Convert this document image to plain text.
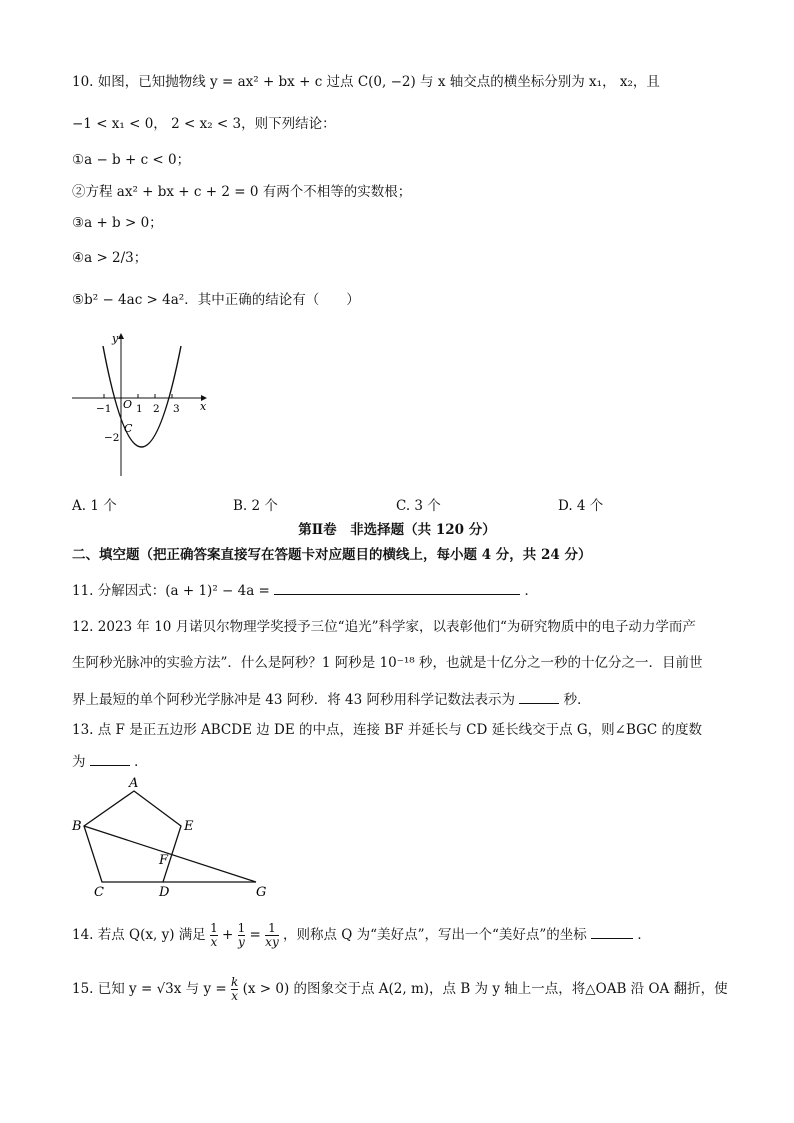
10. 如图，已知抛物线 y = ax² + bx + c 过点 C(0, −2) 与 x 轴交点的横坐标分别为 x₁， x₂，且
−1 < x₁ < 0， 2 < x₂ < 3，则下列结论：
①a − b + c < 0；
②方程 ax² + bx + c + 2 = 0 有两个不相等的实数根；
③a + b > 0；
④a > 2/3；
⑤b² − 4ac > 4a²．其中正确的结论有（　　）
y
x
O
−1 1 2 3
−2
C
A. 1 个	B. 2 个	C. 3 个	D. 4 个
第Ⅱ卷　非选择题（共 120 分）
二、填空题（把正确答案直接写在答题卡对应题目的横线上，每小题 4 分，共 24 分）
11. 分解因式：(a + 1)² − 4a =	．
12. 2023 年 10 月诺贝尔物理学奖授予三位“追光”科学家，以表彰他们“为研究物质中的电子动力学而产
生阿秒光脉冲的实验方法”．什么是阿秒？1 阿秒是 10⁻¹⁸ 秒，也就是十亿分之一秒的十亿分之一．目前世
界上最短的单个阿秒光学脉冲是 43 阿秒．将 43 阿秒用科学记数法表示为	秒．
13. 点 F 是正五边形 ABCDE 边 DE 的中点，连接 BF 并延长与 CD 延长线交于点 G，则∠BGC 的度数
为	．
A
B
C	D
E
F
G
14. 若点 Q(x, y) 满足 $\frac{1}{x} + \frac{1}{y} = \frac{1}{xy}$ ，则称点 Q 为“美好点”，写出一个“美好点”的坐标	．
15. 已知 y = √3x 与 $y = \frac{k}{x} (x > 0)$ 的图象交于点 A(2, m)，点 B 为 y 轴上一点，将△OAB 沿 OA 翻折，使
